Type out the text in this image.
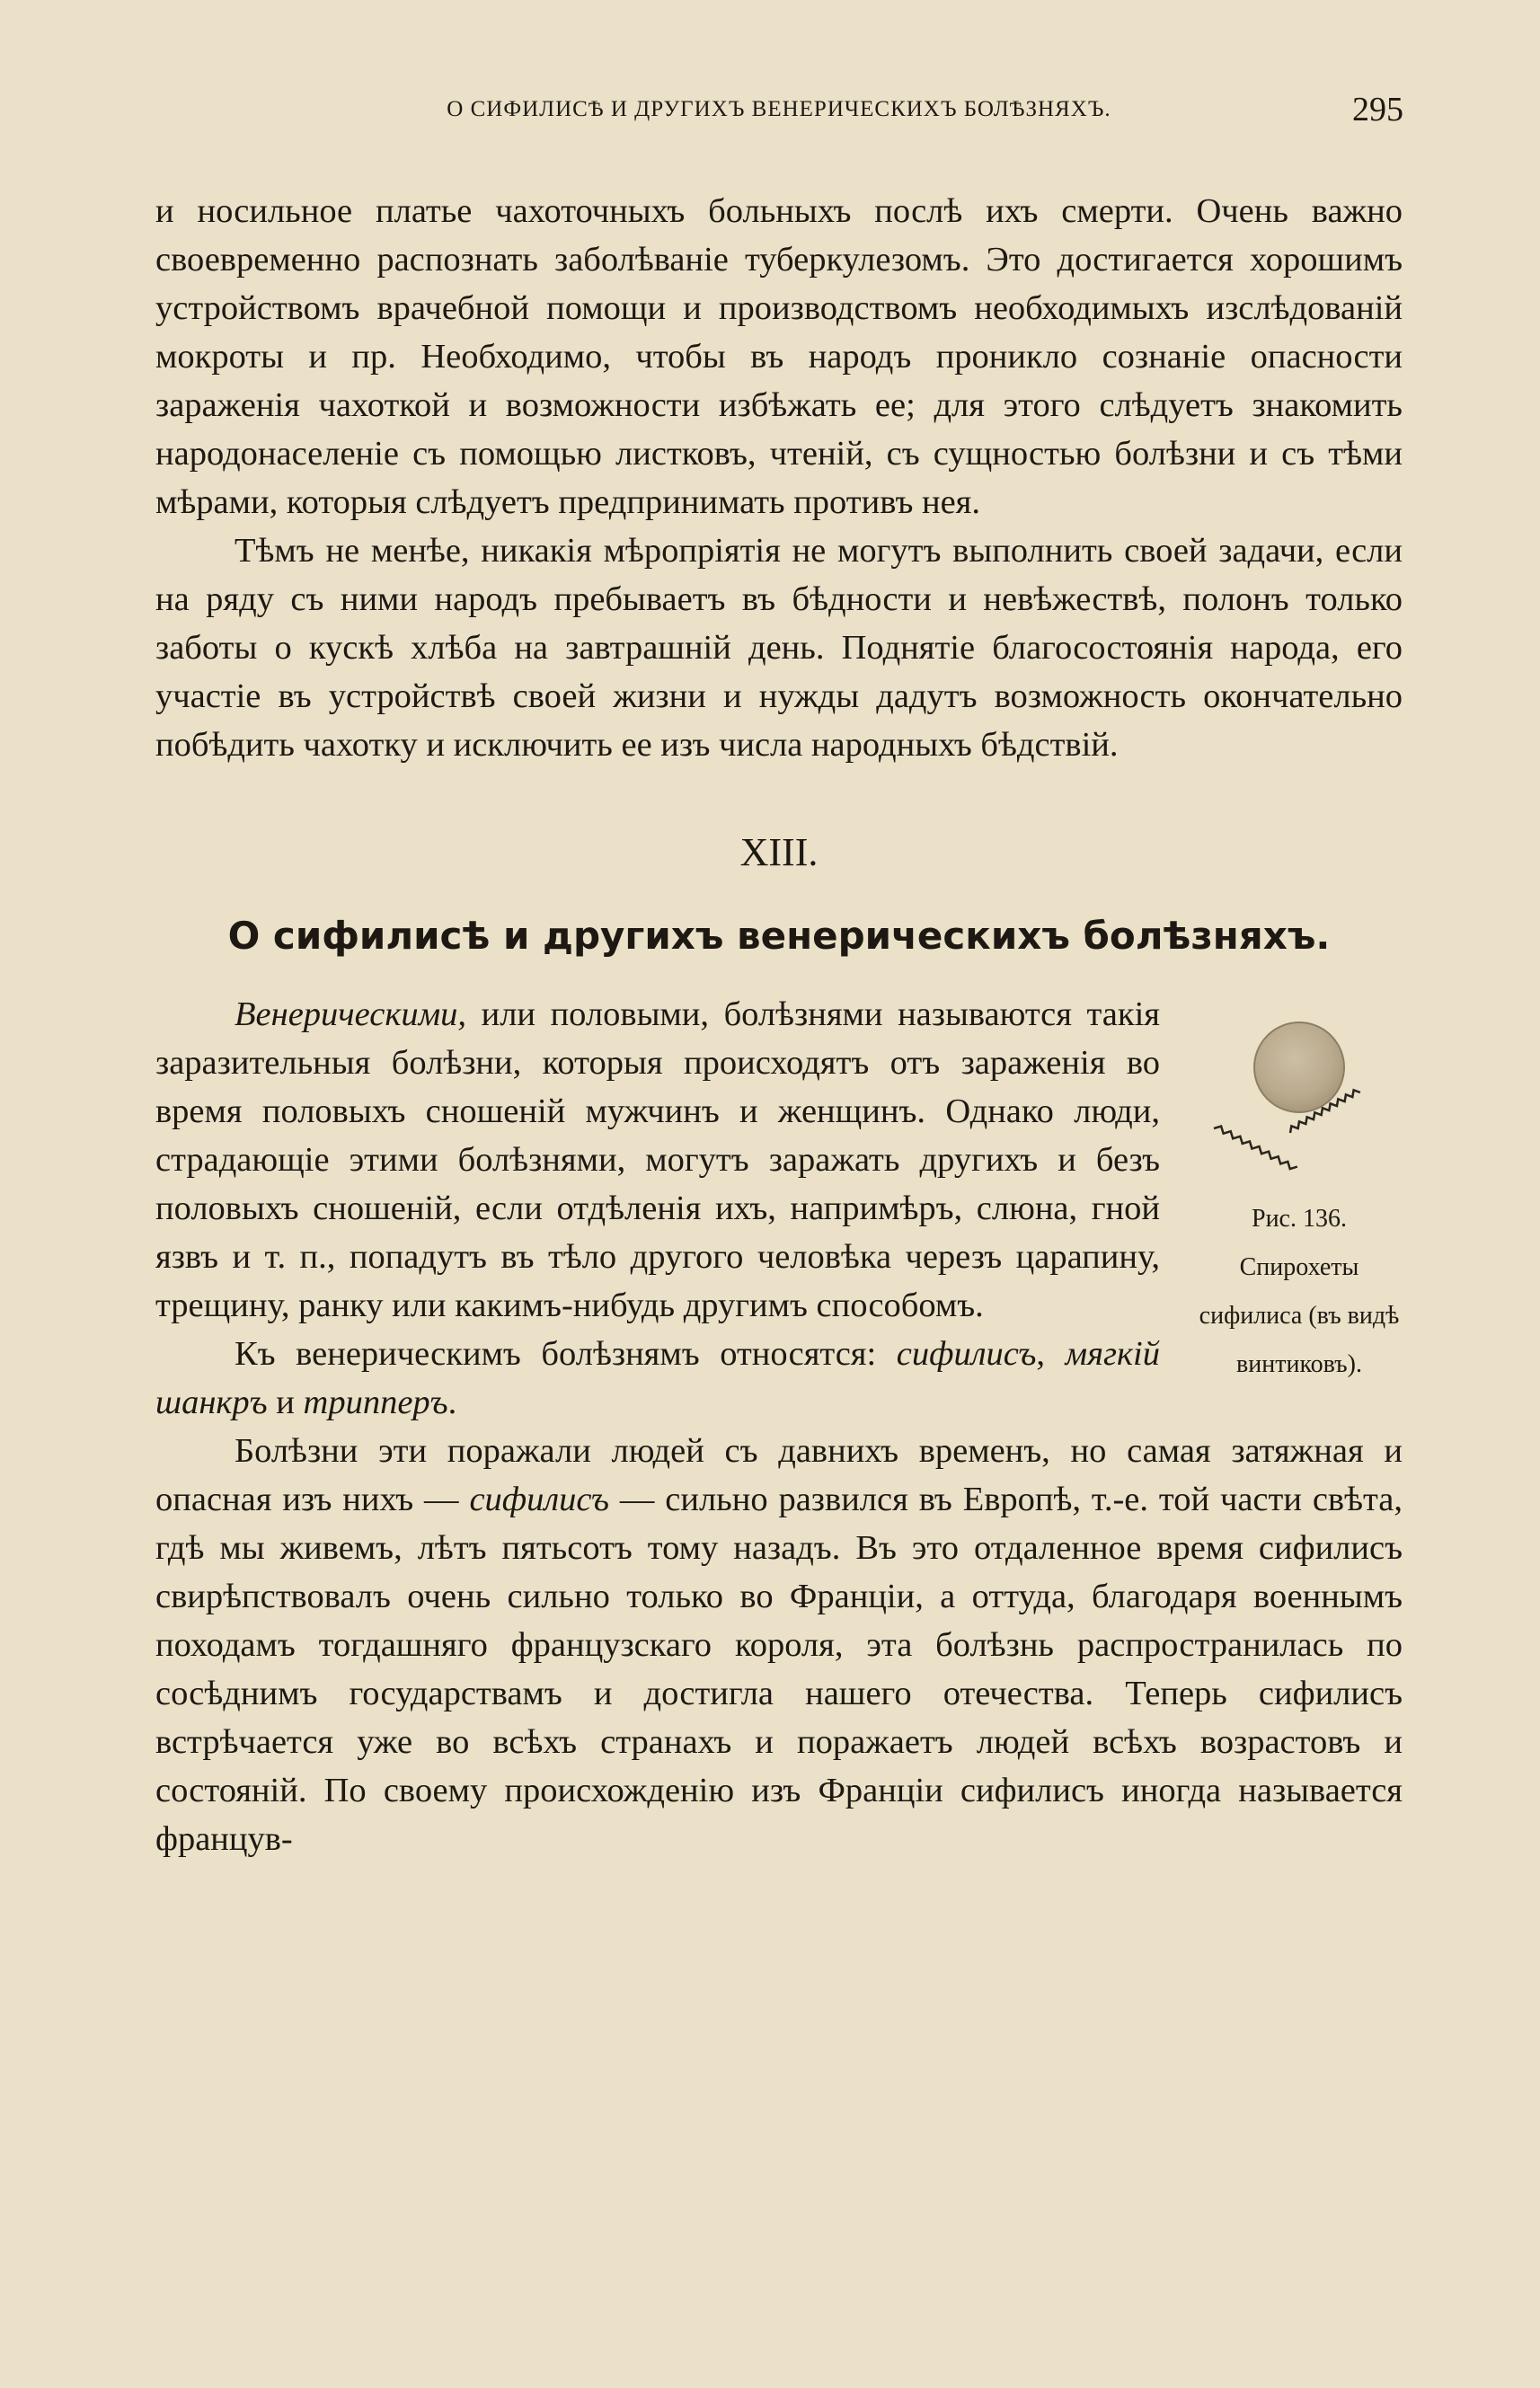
О СИФИЛИСѢ И ДРУГИХЪ ВЕНЕРИЧЕСКИХЪ БОЛѢЗНЯХЪ.	295

и носильное платье чахоточныхъ больныхъ послѣ ихъ смерти. Очень важно своевременно распознать заболѣваніе туберкулезомъ. Это достигается хорошимъ устройствомъ врачебной помощи и производствомъ необходимыхъ изслѣдованій мокроты и пр. Необходимо, чтобы въ народъ проникло сознаніе опасности зараженія чахоткой и возможности избѣжать ее; для этого слѣдуетъ знакомить народонаселеніе съ помощью листковъ, чтеній, съ сущностью болѣзни и съ тѣми мѣрами, которыя слѣдуетъ предпринимать противъ нея.

Тѣмъ не менѣе, никакія мѣропріятія не могутъ выполнить своей задачи, если на ряду съ ними народъ пребываетъ въ бѣдности и невѣжествѣ, полонъ только заботы о кускѣ хлѣба на завтрашній день. Поднятіе благосостоянія народа, его участіе въ устройствѣ своей жизни и нужды дадутъ возможность окончательно побѣдить чахотку и исключить ее изъ числа народныхъ бѣдствій.

XIII.
О сифилисѣ и другихъ венерическихъ болѣзняхъ.

Рис. 136. Спирохеты сифилиса (въ видѣ винтиковъ).
Венерическими, или половыми, болѣзнями называются такія заразительныя болѣзни, которыя происходятъ отъ зараженія во время половыхъ сношеній мужчинъ и женщинъ. Однако люди, страдающіе этими болѣзнями, могутъ заражать другихъ и безъ половыхъ сношеній, если отдѣленія ихъ, напримѣръ, слюна, гной язвъ и т. п., попадутъ въ тѣло другого человѣка черезъ царапину, трещину, ранку или какимъ-нибудь другимъ способомъ.

Къ венерическимъ болѣзнямъ относятся: сифилисъ, мягкій шанкръ и трипперъ.

Болѣзни эти поражали людей съ давнихъ временъ, но самая затяжная и опасная изъ нихъ — сифилисъ — сильно развился въ Европѣ, т.-е. той части свѣта, гдѣ мы живемъ, лѣтъ пятьсотъ тому назадъ. Въ это отдаленное время сифилисъ свирѣпствовалъ очень сильно только во Франціи, а оттуда, благодаря военнымъ походамъ тогдашняго французскаго короля, эта болѣзнь распространилась по сосѣднимъ государствамъ и достигла нашего отечества. Теперь сифилисъ встрѣчается уже во всѣхъ странахъ и поражаетъ людей всѣхъ возрастовъ и состояній. По своему происхожденію изъ Франціи сифилисъ иногда называется францув-
